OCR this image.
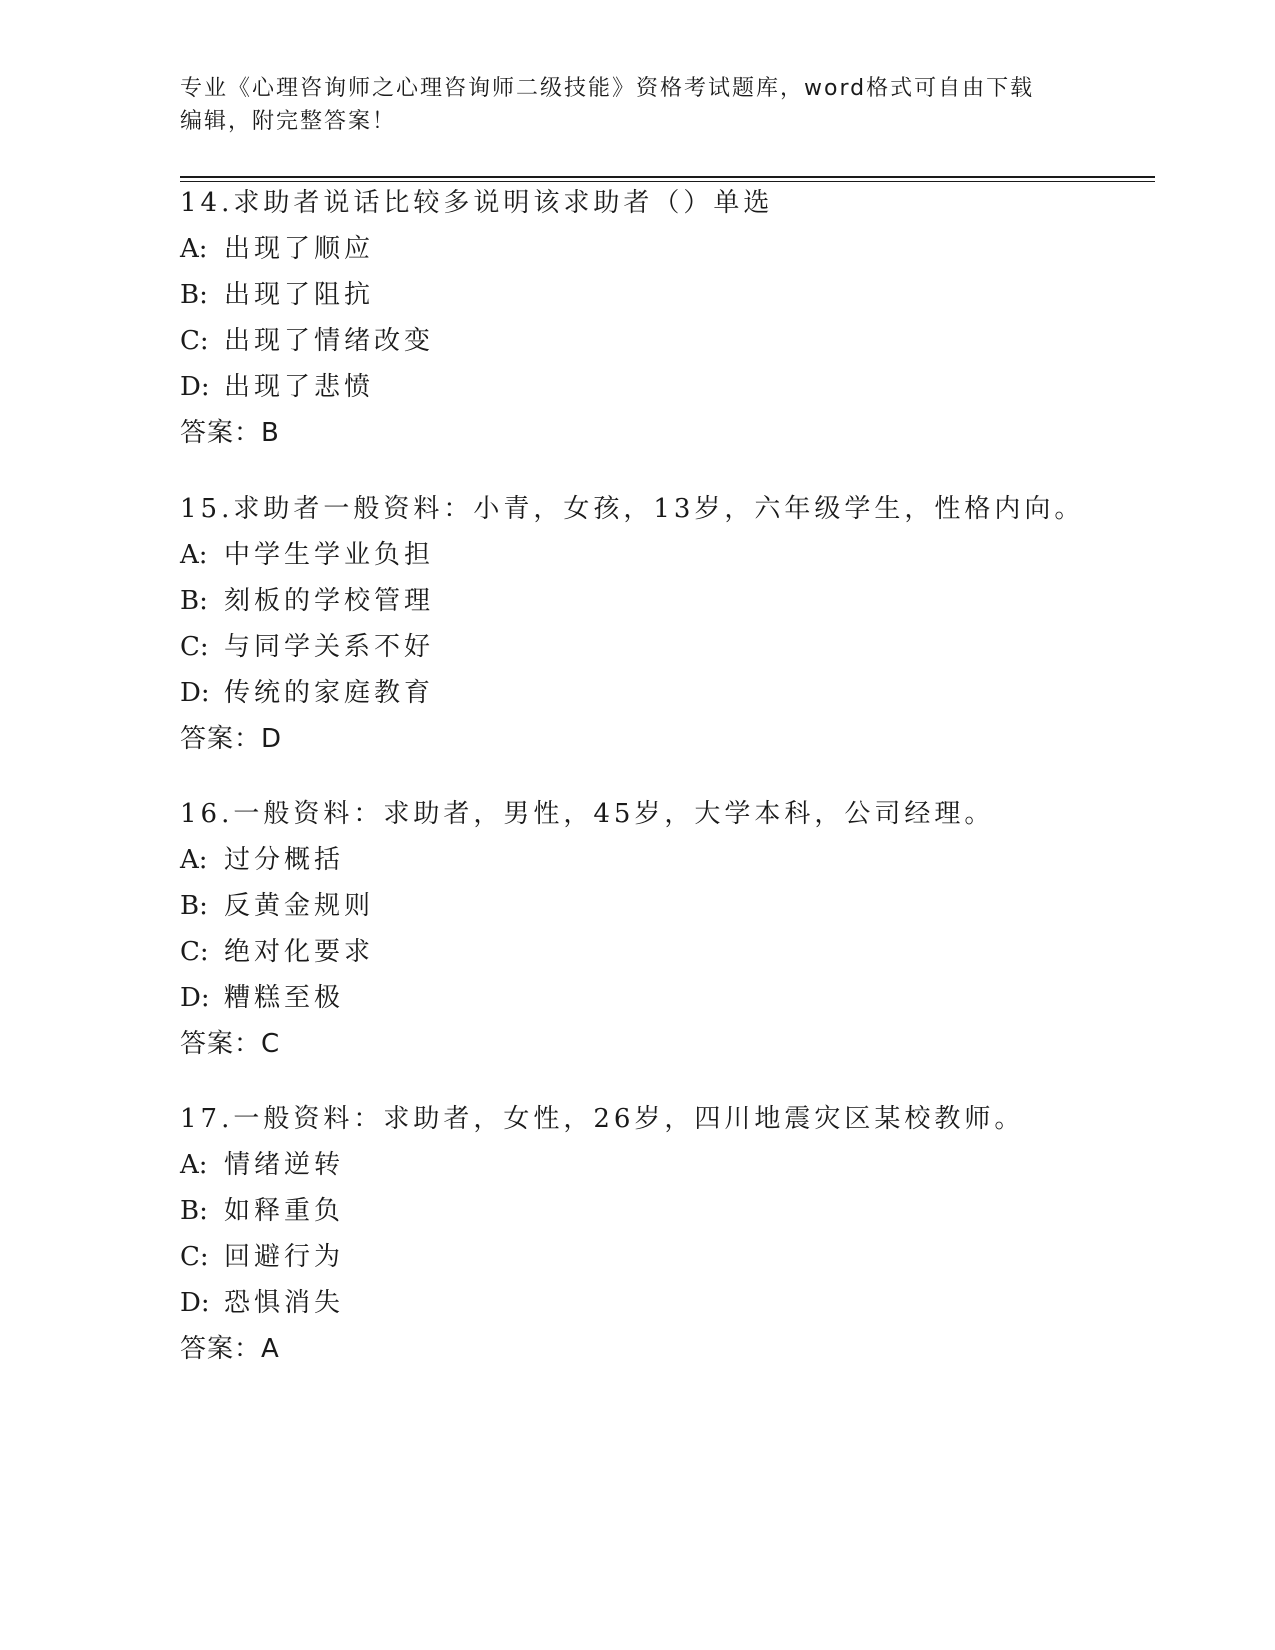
专业《心理咨询师之心理咨询师二级技能》资格考试题库，word格式可自由下载
编辑，附完整答案！
14.求助者说话比较多说明该求助者（）单选
A: 出现了顺应
B: 出现了阻抗
C: 出现了情绪改变
D: 出现了悲愤
答案：B
15.求助者一般资料：小青，女孩，13岁，六年级学生，性格内向。
A: 中学生学业负担
B: 刻板的学校管理
C: 与同学关系不好
D: 传统的家庭教育
答案：D
16.一般资料：求助者，男性，45岁，大学本科，公司经理。
A: 过分概括
B: 反黄金规则
C: 绝对化要求
D: 糟糕至极
答案：C
17.一般资料：求助者，女性，26岁，四川地震灾区某校教师。
A: 情绪逆转
B: 如释重负
C: 回避行为
D: 恐惧消失
答案：A
